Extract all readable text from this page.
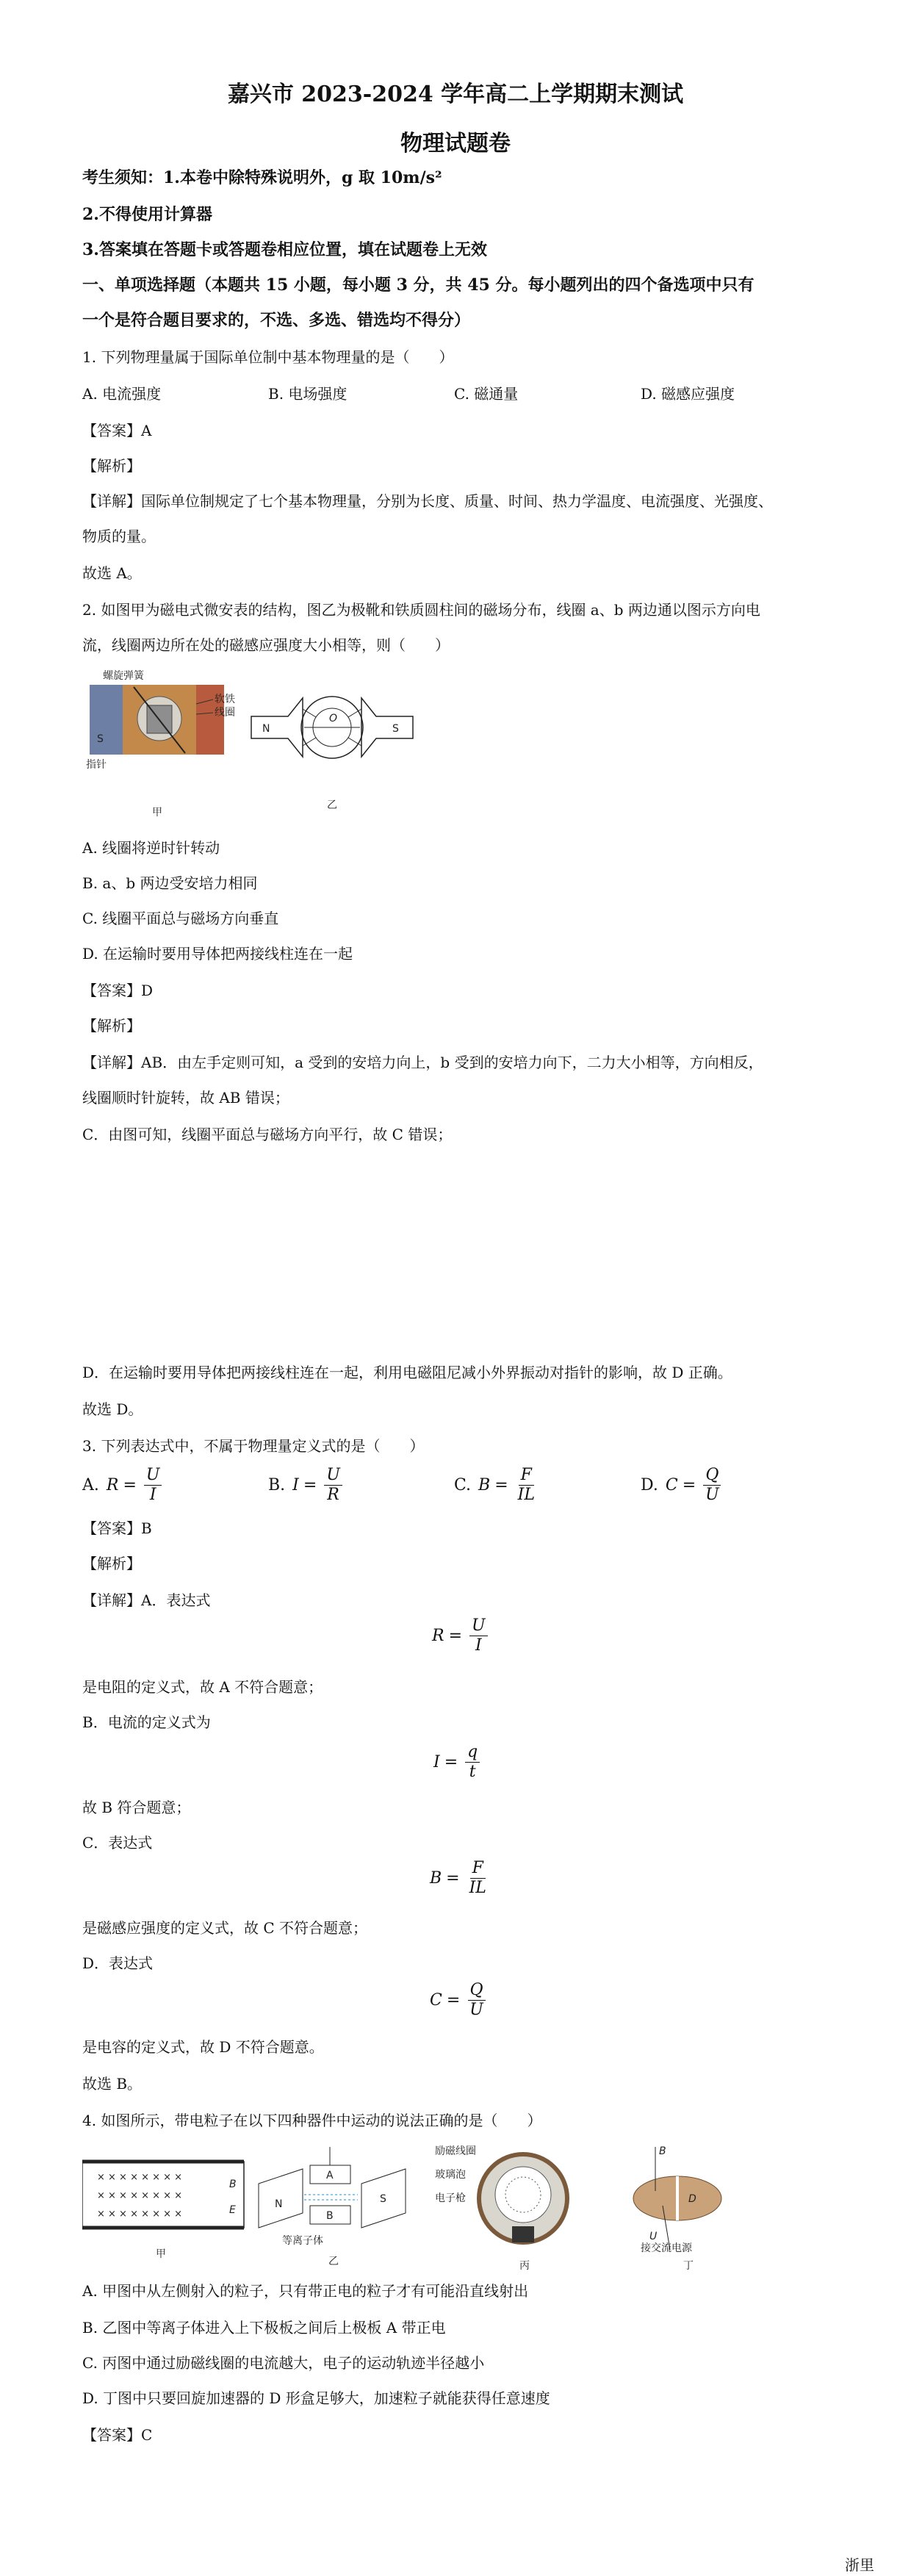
嘉兴市 2023-2024 学年高二上学期期末测试
物理试题卷
考生须知：1.本卷中除特殊说明外，g 取 10m/s²
2.不得使用计算器
3.答案填在答题卡或答题卷相应位置，填在试题卷上无效
一、单项选择题（本题共 15 小题，每小题 3 分，共 45 分。每小题列出的四个备选项中只有
一个是符合题目要求的，不选、多选、错选均不得分）
1. 下列物理量属于国际单位制中基本物理量的是（　　）
A. 电流强度	B. 电场强度	C. 磁通量	D. 磁感应强度
【答案】A
【解析】
【详解】国际单位制规定了七个基本物理量，分别为长度、质量、时间、热力学温度、电流强度、光强度、
物质的量。
故选 A。
2. 如图甲为磁电式微安表的结构，图乙为极靴和铁质圆柱间的磁场分布，线圈 a、b 两边通以图示方向电
流，线圈两边所在处的磁感应强度大小相等，则（　　）
螺旋弹簧
软铁
线圈
S
指针
甲
N	S
O
乙
A. 线圈将逆时针转动
B. a、b 两边受安培力相同
C. 线圈平面总与磁场方向垂直
D. 在运输时要用导体把两接线柱连在一起
【答案】D
【解析】
【详解】AB．由左手定则可知，a 受到的安培力向上，b 受到的安培力向下，二力大小相等，方向相反，
线圈顺时针旋转，故 AB 错误；
C．由图可知，线圈平面总与磁场方向平行，故 C 错误；
D．在运输时要用导体把两接线柱连在一起，利用电磁阻尼减小外界振动对指针的影响，故 D 正确。
故选 D。
3. 下列表达式中，不属于物理量定义式的是（　　）
A. $R = \frac{U}{I}$	B. $I = \frac{U}{R}$	C. $B = \frac{F}{IL}$	D. $C = \frac{Q}{U}$
【答案】B
【解析】
【详解】A．表达式
$R = \frac{U}{I}$
是电阻的定义式，故 A 不符合题意；
B．电流的定义式为
$I = \frac{q}{t}$
故 B 符合题意；
C．表达式
$B = \frac{F}{IL}$
是磁感应强度的定义式，故 C 不符合题意；
D．表达式
$C = \frac{Q}{U}$
是电容的定义式，故 D 不符合题意。
故选 B。
4. 如图所示，带电粒子在以下四种器件中运动的说法正确的是（　　）
× × × × × × × ×
× × × × × × × ×
× × × × × × × ×
B
E
甲
N	S
A
B
等离子体
乙
励磁线圈
玻璃泡
电子枪
丙
B
D
U
接交流电源
丁
A. 甲图中从左侧射入的粒子，只有带正电的粒子才有可能沿直线射出
B. 乙图中等离子体进入上下极板之间后上极板 A 带正电
C. 丙图中通过励磁线圈的电流越大，电子的运动轨迹半径越小
D. 丁图中只要回旋加速器的 D 形盒足够大，加速粒子就能获得任意速度
【答案】C
浙里
